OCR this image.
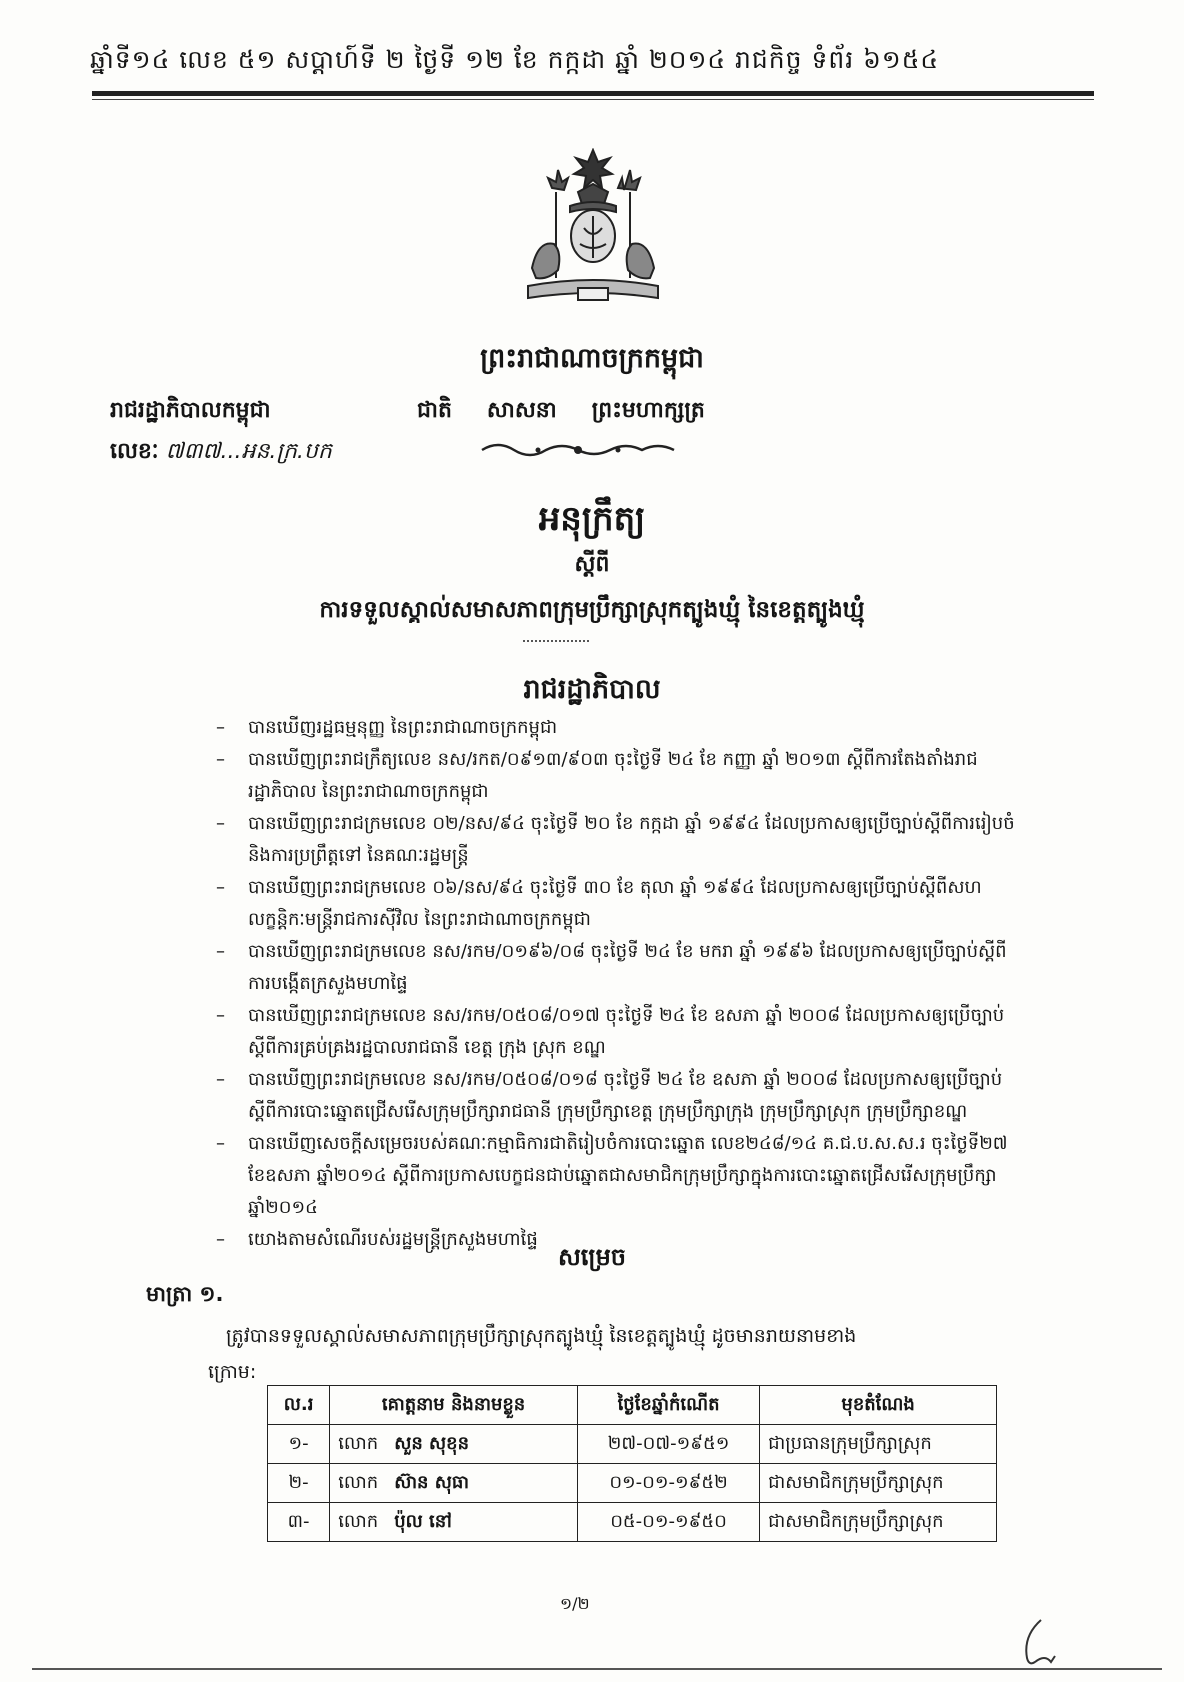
ឆ្នាំទី១៤ លេខ ៥១ សប្តាហ៍ទី ២ ថ្ងៃទី ១២ ខែ កក្កដា ឆ្នាំ ២០១៤ រាជកិច្ច ទំព័រ ៦១៥៤
ព្រះរាជាណាចក្រកម្ពុជា
រាជរដ្ឋាភិបាលកម្ពុជា	ជាតិ សាសនា ព្រះមហាក្សត្រ
លេខៈ ៧៣៧...អន.ក្រ.បក
អនុក្រឹត្យ
ស្តីពី
ការទទួលស្គាល់សមាសភាពក្រុមប្រឹក្សាស្រុកត្បូងឃ្មុំ នៃខេត្តត្បូងឃ្មុំ
រាជរដ្ឋាភិបាល
– បានឃើញរដ្ឋធម្មនុញ្ញ នៃព្រះរាជាណាចក្រកម្ពុជា
– បានឃើញព្រះរាជក្រឹត្យលេខ នស/រកត/០៩១៣/៩០៣ ចុះថ្ងៃទី ២៤ ខែ កញ្ញា ឆ្នាំ ២០១៣ ស្តីពីការតែងតាំងរាជរដ្ឋាភិបាល នៃព្រះរាជាណាចក្រកម្ពុជា
– បានឃើញព្រះរាជក្រមលេខ ០២/នស/៩៤ ចុះថ្ងៃទី ២០ ខែ កក្កដា ឆ្នាំ ១៩៩៤ ដែលប្រកាសឲ្យប្រើច្បាប់ស្តីពីការរៀបចំ និងការប្រព្រឹត្តទៅ នៃគណៈរដ្ឋមន្ត្រី
– បានឃើញព្រះរាជក្រមលេខ ០៦/នស/៩៤ ចុះថ្ងៃទី ៣០ ខែ តុលា ឆ្នាំ ១៩៩៤ ដែលប្រកាសឲ្យប្រើច្បាប់ស្តីពីសហលក្ខន្តិកៈមន្ត្រីរាជការស៊ីវិល នៃព្រះរាជាណាចក្រកម្ពុជា
– បានឃើញព្រះរាជក្រមលេខ នស/រកម/០១៩៦/០៨ ចុះថ្ងៃទី ២៤ ខែ មករា ឆ្នាំ ១៩៩៦ ដែលប្រកាសឲ្យប្រើច្បាប់ស្តីពីការបង្កើតក្រសួងមហាផ្ទៃ
– បានឃើញព្រះរាជក្រមលេខ នស/រកម/០៥០៨/០១៧ ចុះថ្ងៃទី ២៤ ខែ ឧសភា ឆ្នាំ ២០០៨ ដែលប្រកាសឲ្យប្រើច្បាប់ស្តីពីការគ្រប់គ្រងរដ្ឋបាលរាជធានី ខេត្ត ក្រុង ស្រុក ខណ្ឌ
– បានឃើញព្រះរាជក្រមលេខ នស/រកម/០៥០៨/០១៨ ចុះថ្ងៃទី ២៤ ខែ ឧសភា ឆ្នាំ ២០០៨ ដែលប្រកាសឲ្យប្រើច្បាប់ស្តីពីការបោះឆ្នោតជ្រើសរើសក្រុមប្រឹក្សារាជធានី ក្រុមប្រឹក្សាខេត្ត ក្រុមប្រឹក្សាក្រុង ក្រុមប្រឹក្សាស្រុក ក្រុមប្រឹក្សាខណ្ឌ
– បានឃើញសេចក្តីសម្រេចរបស់គណៈកម្មាធិការជាតិរៀបចំការបោះឆ្នោត លេខ២៤៨/១៤ គ.ជ.ប.ស.ស.រ ចុះថ្ងៃទី២៧ ខែឧសភា ឆ្នាំ២០១៤ ស្តីពីការប្រកាសបេក្ខជនជាប់ឆ្នោតជាសមាជិកក្រុមប្រឹក្សាក្នុងការបោះឆ្នោតជ្រើសរើសក្រុមប្រឹក្សាឆ្នាំ២០១៤
– យោងតាមសំណើរបស់រដ្ឋមន្ត្រីក្រសួងមហាផ្ទៃ
សម្រេច
មាត្រា ១.
ត្រូវបានទទួលស្គាល់សមាសភាពក្រុមប្រឹក្សាស្រុកត្បូងឃ្មុំ នៃខេត្តត្បូងឃ្មុំ ដូចមានរាយនាមខាង
ក្រោម:
ល.រ	គោត្តនាម និងនាមខ្លួន	ថ្ងៃខែឆ្នាំកំណើត	មុខតំណែង
១-	លោក សួន សុខុន	២៧-០៧-១៩៥១	ជាប្រធានក្រុមប្រឹក្សាស្រុក
២-	លោក ស៊ាន សុធា	០១-០១-១៩៥២	ជាសមាជិកក្រុមប្រឹក្សាស្រុក
៣-	លោក ប៉ុល នៅ	០៥-០១-១៩៥០	ជាសមាជិកក្រុមប្រឹក្សាស្រុក
១/២
